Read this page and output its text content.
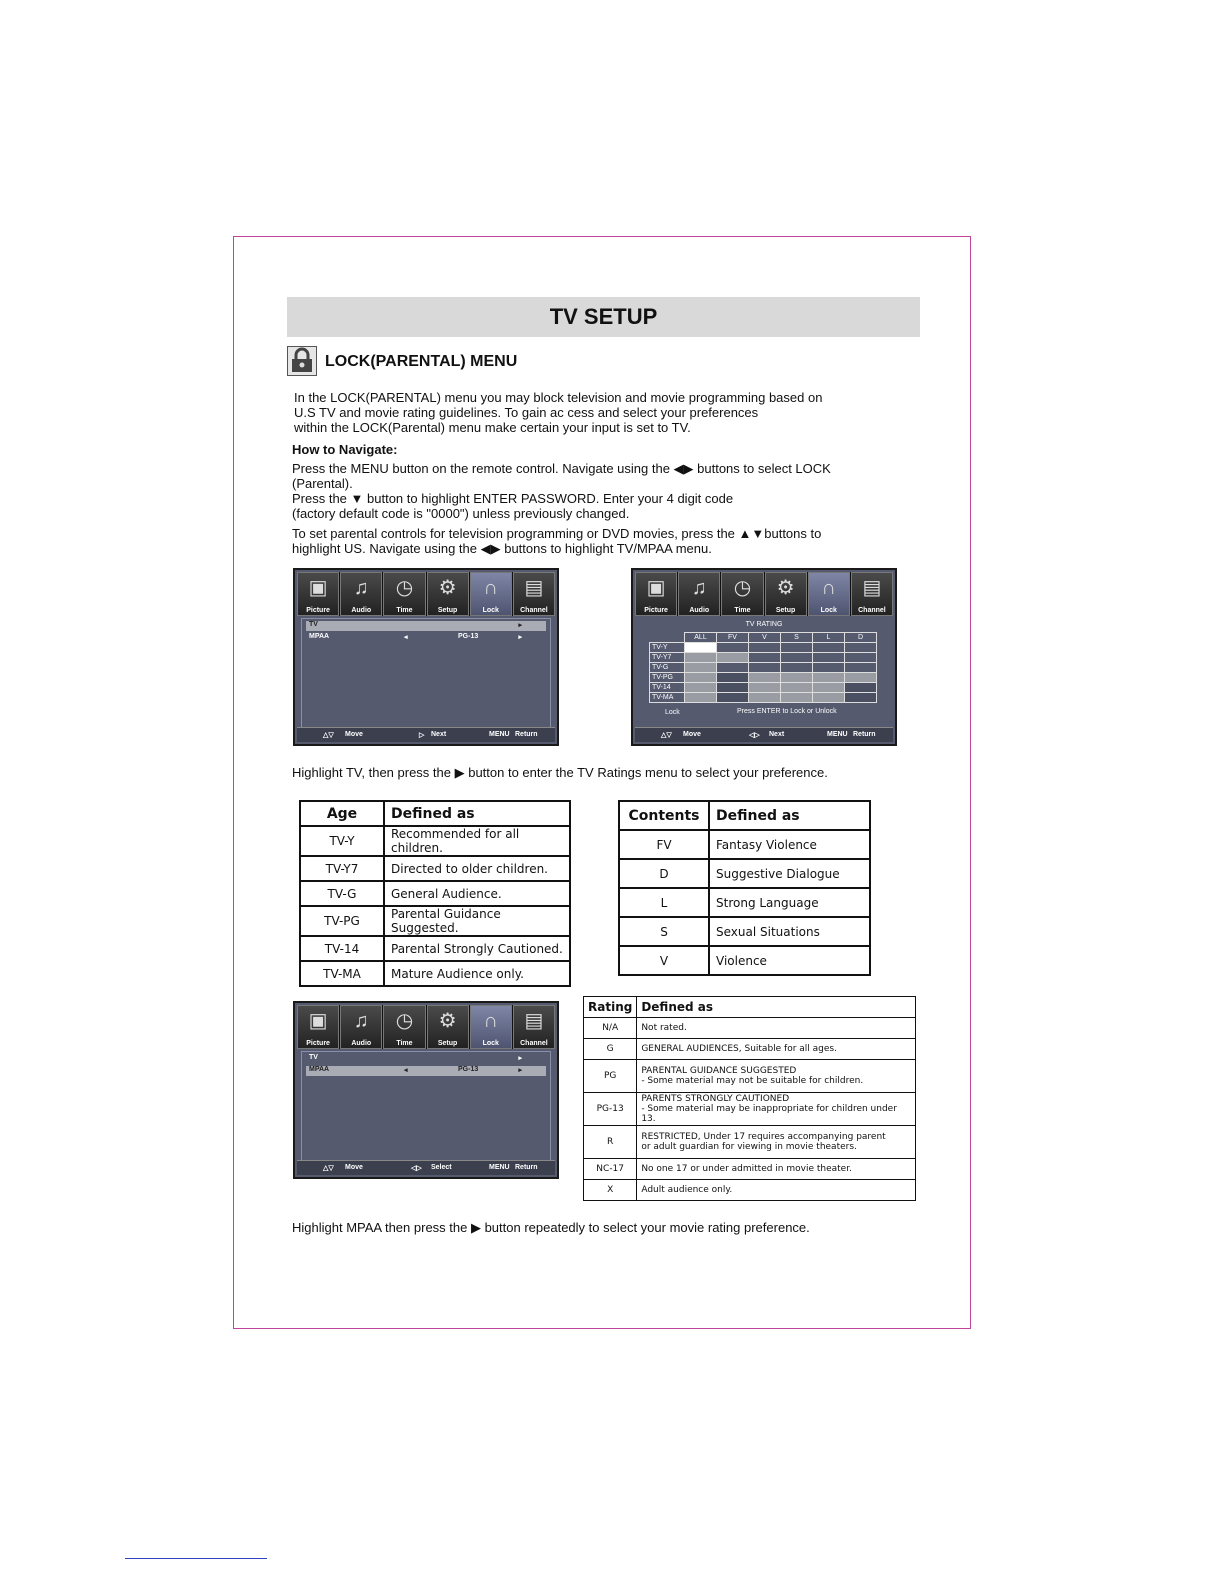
TV SETUP
LOCK(PARENTAL) MENU
In the LOCK(PARENTAL) menu you may block television and movie programming based on
U.S TV and movie rating guidelines. To gain ac cess and select your preferences
within the LOCK(Parental) menu make certain your input is set to TV.
How to Navigate:
Press the MENU button on the remote control. Navigate using the ◀▶ buttons to select LOCK
(Parental).
Press the ▼ button to highlight ENTER PASSWORD. Enter your 4 digit code
(factory default code is "0000") unless previously changed.
To set parental controls for television programming or DVD movies, press the ▲▼buttons to
highlight US. Navigate using the ◀▶ buttons to highlight TV/MPAA menu.
▣
Picture
♫
Audio
◷
Time
⚙
Setup
∩
Lock
▤
Channel
TV	▸
MPAA	◂	PG-13	▸
△▽ Move	▷ Next	MENU Return
▣
Picture
♫
Audio
◷
Time
⚙
Setup
∩
Lock
▤
Channel
TV RATING
	ALL	FV	V	S	L	D
TV-Y						
TV-Y7						
TV-G						
TV-PG						
TV-14						
TV-MA						
Lock	Press ENTER to Lock or Unlock
△▽ Move	◁▷ Next	MENU Return
Highlight TV, then press the ▶ button to enter the TV Ratings menu to select your preference.
Age	Defined as
TV-Y	Recommended for all children.
TV-Y7	Directed to older children.
TV-G	General Audience.
TV-PG	Parental Guidance Suggested.
TV-14	Parental Strongly Cautioned.
TV-MA	Mature Audience only.
Contents	Defined as
FV	Fantasy Violence
D	Suggestive Dialogue
L	Strong Language
S	Sexual Situations
V	Violence
▣
Picture
♫
Audio
◷
Time
⚙
Setup
∩
Lock
▤
Channel
TV	▸
MPAA	◂	PG-13	▸
△▽ Move	◁▷ Select	MENU Return
Rating	Defined as
N/A	Not rated.

G	GENERAL AUDIENCES, Suitable for all ages.

PG	PARENTAL GUIDANCE SUGGESTED
- Some material may not be suitable for children.

PG-13	PARENTS STRONGLY CAUTIONED
- Some material may be inappropriate for children under 13.

R	RESTRICTED, Under 17 requires accompanying parent
or adult guardian for viewing in movie theaters.

NC-17	No one 17 or under admitted in movie theater.

X	Adult audience only.
Highlight MPAA then press the ▶ button repeatedly to select your movie rating preference.
